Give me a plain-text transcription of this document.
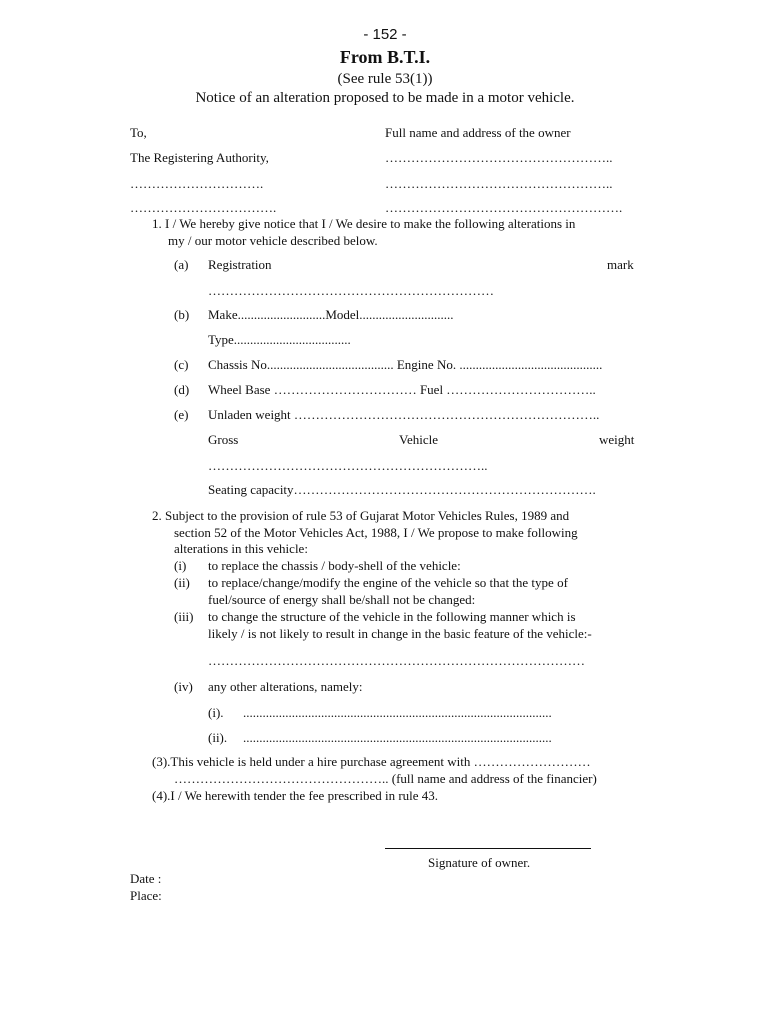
- 152 -
From B.T.I.
(See rule 53(1))
Notice of an alteration proposed to be made in a motor vehicle.
To,	Full name and address of the owner
The Registering Authority,	……………………………………………..
………………………….	……………………………………………..
…………………………….	……………………………………………….
1. I / We hereby give notice that I / We desire to make the following alterations in
my / our motor vehicle described below.
(a) Registration	mark
…………………………………………………………
(b) Make...........................Model.............................
Type....................................
(c) Chassis No....................................... Engine No. ............................................
(d) Wheel Base …………………………… Fuel ……………………………..
(e) Unladen weight ……………………………………………………………..
Gross	Vehicle	weight
………………………………………………………..
Seating capacity…………………………………………………………….
2. Subject to the provision of rule 53 of Gujarat Motor Vehicles Rules, 1989 and
section 52 of the Motor Vehicles Act, 1988, I / We propose to make following
alterations in this vehicle:
(i) to replace the chassis / body-shell of the vehicle:
(ii) to replace/change/modify the engine of the vehicle so that the type of
fuel/source of energy shall be/shall not be changed:
(iii) to change the structure of the vehicle in the following manner which is
likely / is not likely to result in change in the basic feature of the vehicle:-
……………………………………………………………………………
(iv) any other alterations, namely:
(i). ...............................................................................................
(ii). ...............................................................................................
(3).This vehicle is held under a hire purchase agreement with ………………………
………………………………………….. (full name and address of the financier)
(4).I / We herewith tender the fee prescribed in rule 43.
Signature of owner.
Date :
Place:
